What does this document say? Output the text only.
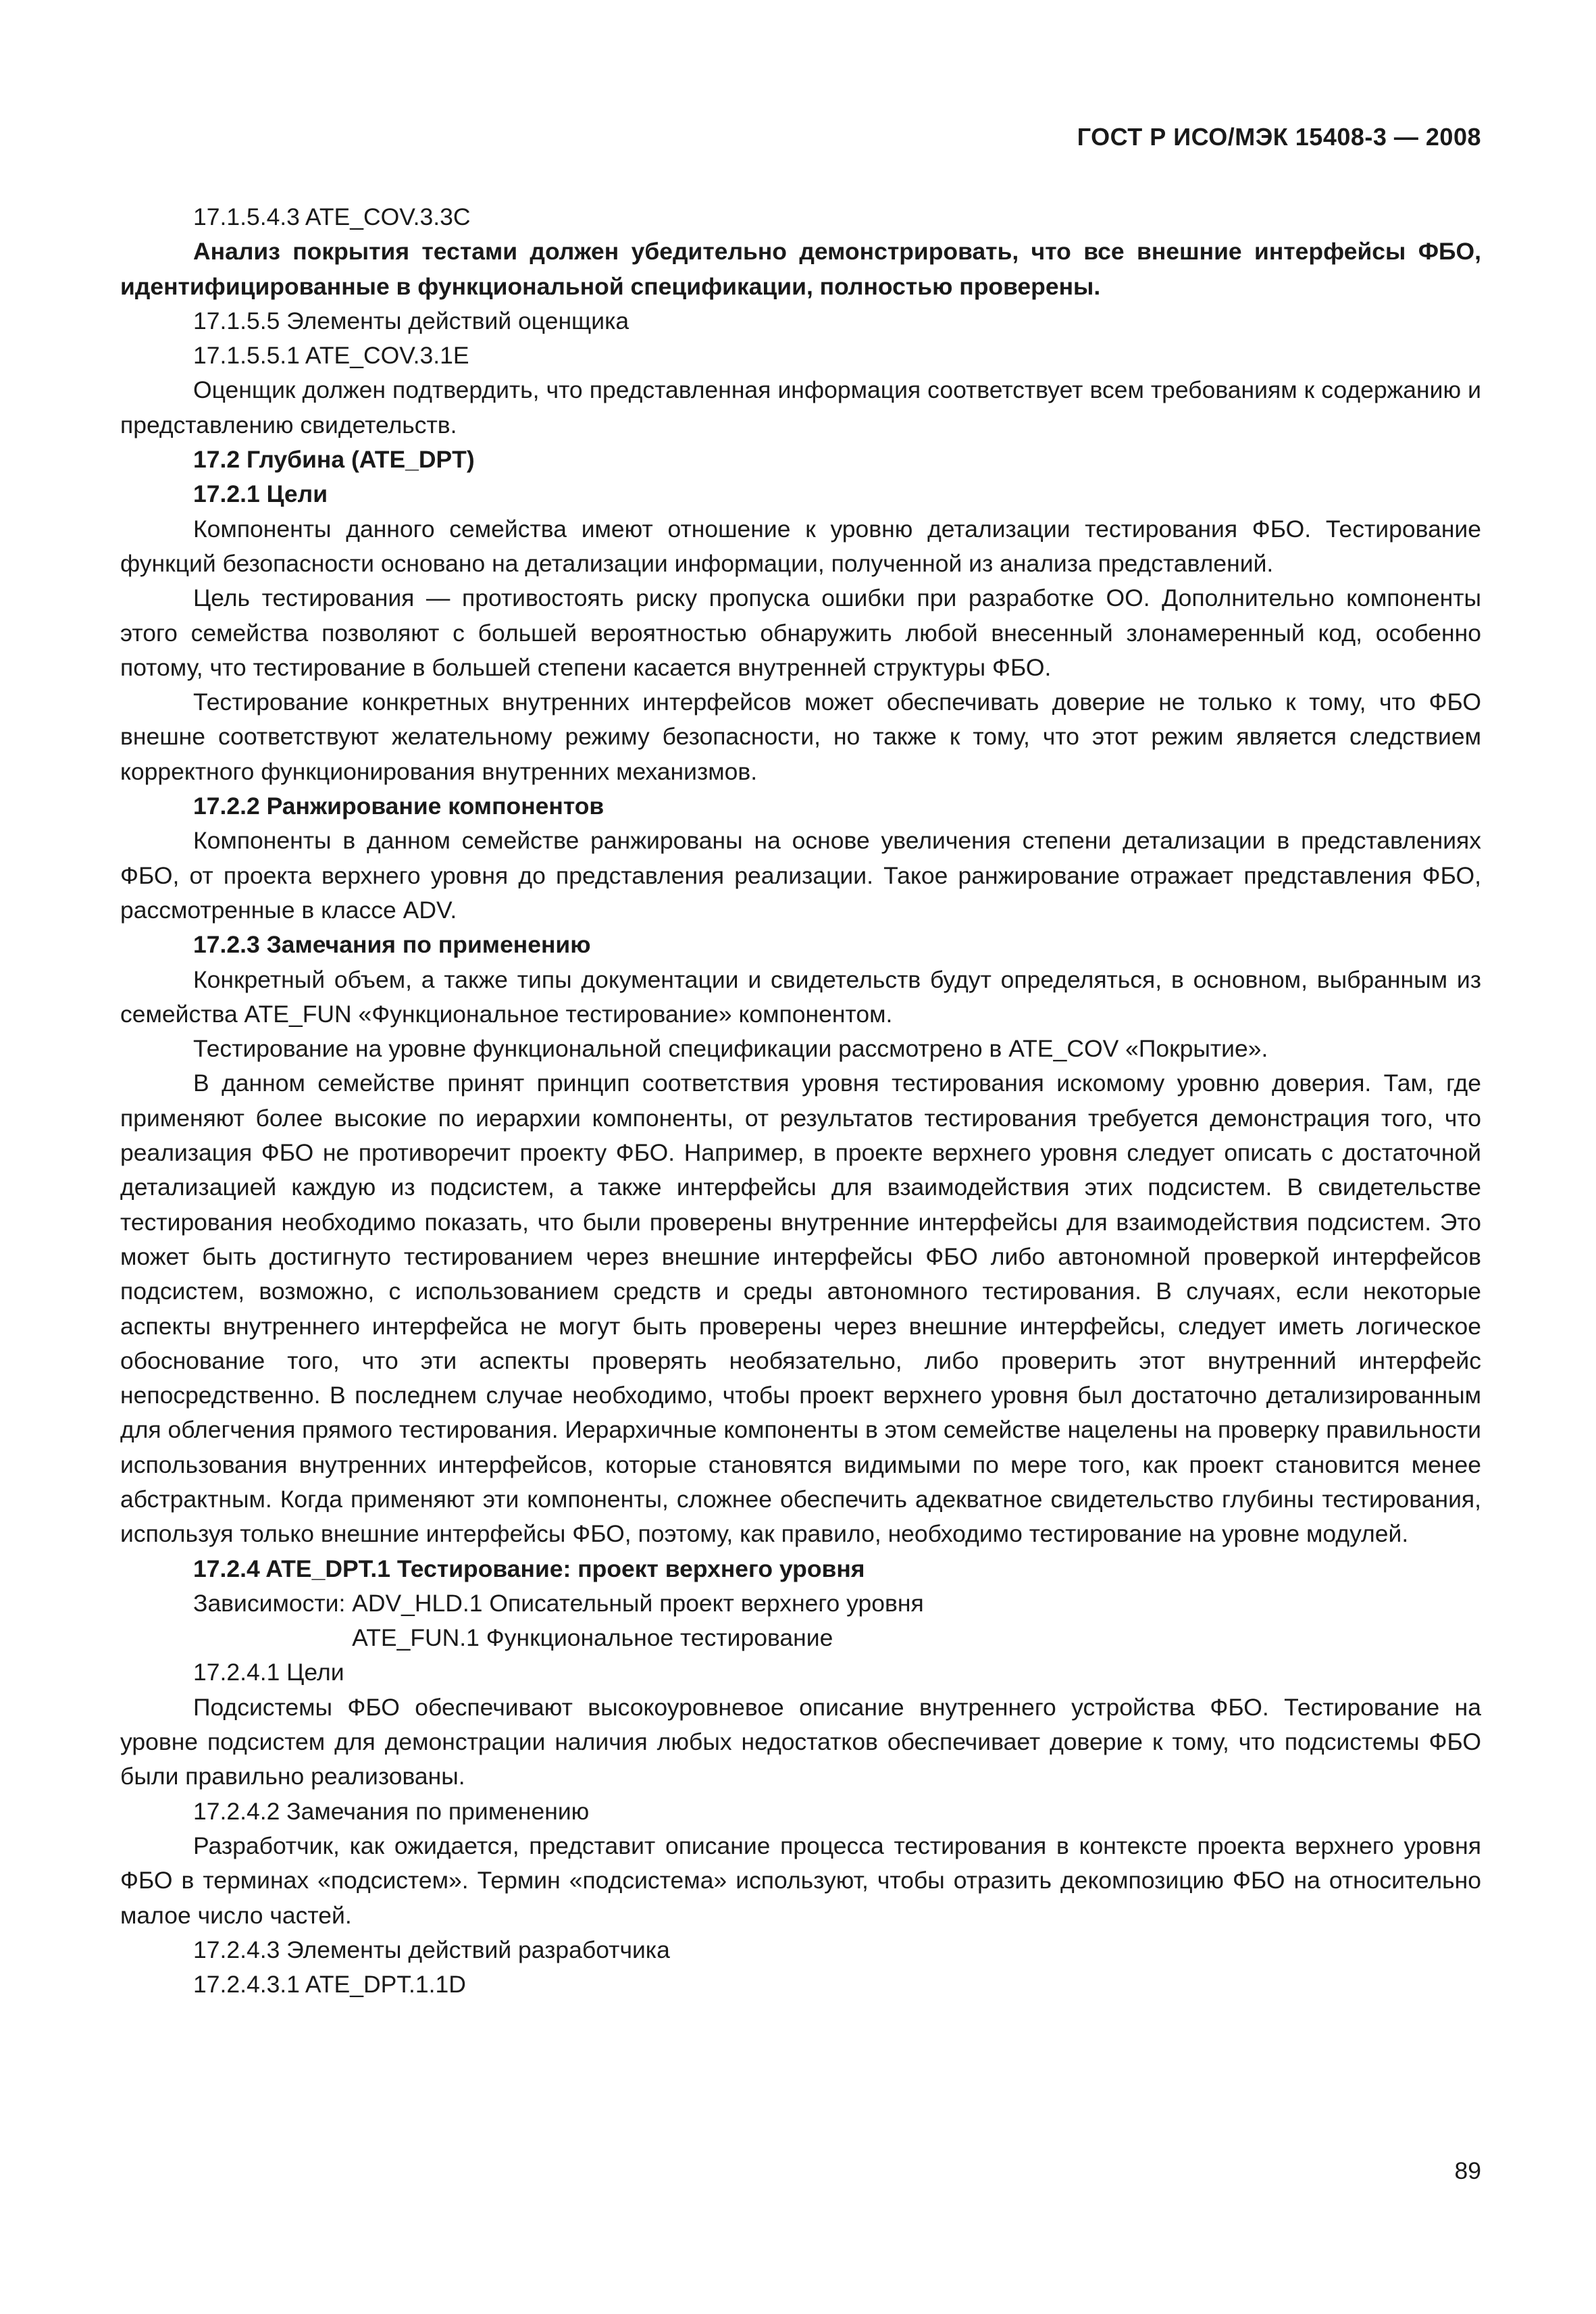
ГОСТ Р ИСО/МЭК 15408-3 — 2008

17.1.5.4.3 ATE_COV.3.3C

Анализ покрытия тестами должен убедительно демонстрировать, что все внешние интерфейсы ФБО, идентифицированные в функциональной спецификации, полностью проверены.

17.1.5.5 Элементы действий оценщика

17.1.5.5.1 ATE_COV.3.1E

Оценщик должен подтвердить, что представленная информация соответствует всем требованиям к содержанию и представлению свидетельств.

17.2 Глубина (ATE_DPT)

17.2.1 Цели

Компоненты данного семейства имеют отношение к уровню детализации тестирования ФБО. Тестирование функций безопасности основано на детализации информации, полученной из анализа представлений.

Цель тестирования — противостоять риску пропуска ошибки при разработке ОО. Дополнительно компоненты этого семейства позволяют с большей вероятностью обнаружить любой внесенный злонамеренный код, особенно потому, что тестирование в большей степени касается внутренней структуры ФБО.

Тестирование конкретных внутренних интерфейсов может обеспечивать доверие не только к тому, что ФБО внешне соответствуют желательному режиму безопасности, но также к тому, что этот режим является следствием корректного функционирования внутренних механизмов.

17.2.2 Ранжирование компонентов

Компоненты в данном семействе ранжированы на основе увеличения степени детализации в представлениях ФБО, от проекта верхнего уровня до представления реализации. Такое ранжирование отражает представления ФБО, рассмотренные в классе ADV.

17.2.3 Замечания по применению

Конкретный объем, а также типы документации и свидетельств будут определяться, в основном, выбранным из семейства ATE_FUN «Функциональное тестирование» компонентом.

Тестирование на уровне функциональной спецификации рассмотрено в ATE_COV «Покрытие».

В данном семействе принят принцип соответствия уровня тестирования искомому уровню доверия. Там, где применяют более высокие по иерархии компоненты, от результатов тестирования требуется демонстрация того, что реализация ФБО не противоречит проекту ФБО. Например, в проекте верхнего уровня следует описать с достаточной детализацией каждую из подсистем, а также интерфейсы для взаимодействия этих подсистем. В свидетельстве тестирования необходимо показать, что были проверены внутренние интерфейсы для взаимодействия подсистем. Это может быть достигнуто тестированием через внешние интерфейсы ФБО либо автономной проверкой интерфейсов подсистем, возможно, с использованием средств и среды автономного тестирования. В случаях, если некоторые аспекты внутреннего интерфейса не могут быть проверены через внешние интерфейсы, следует иметь логическое обоснование того, что эти аспекты проверять необязательно, либо проверить этот внутренний интерфейс непосредственно. В последнем случае необходимо, чтобы проект верхнего уровня был достаточно детализированным для облегчения прямого тестирования. Иерархичные компоненты в этом семействе нацелены на проверку правильности использования внутренних интерфейсов, которые становятся видимыми по мере того, как проект становится менее абстрактным. Когда применяют эти компоненты, сложнее обеспечить адекватное свидетельство глубины тестирования, используя только внешние интерфейсы ФБО, поэтому, как правило, необходимо тестирование на уровне модулей.

17.2.4 ATE_DPT.1 Тестирование: проект верхнего уровня

Зависимости: ADV_HLD.1 Описательный проект верхнего уровня
ATE_FUN.1 Функциональное тестирование

17.2.4.1 Цели

Подсистемы ФБО обеспечивают высокоуровневое описание внутреннего устройства ФБО. Тестирование на уровне подсистем для демонстрации наличия любых недостатков обеспечивает доверие к тому, что подсистемы ФБО были правильно реализованы.

17.2.4.2 Замечания по применению

Разработчик, как ожидается, представит описание процесса тестирования в контексте проекта верхнего уровня ФБО в терминах «подсистем». Термин «подсистема» используют, чтобы отразить декомпозицию ФБО на относительно малое число частей.

17.2.4.3 Элементы действий разработчика

17.2.4.3.1 ATE_DPT.1.1D

89
